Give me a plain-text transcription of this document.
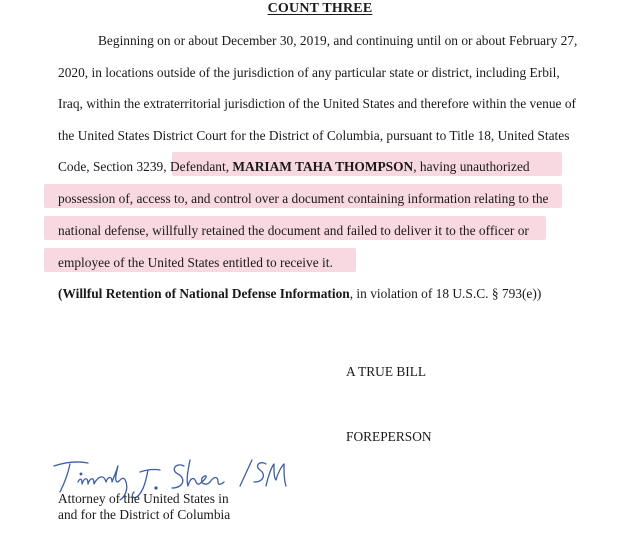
COUNT THREE
Beginning on or about December 30, 2019, and continuing until on or about February 27,
2020, in locations outside of the jurisdiction of any particular state or district, including Erbil,
Iraq, within the extraterritorial jurisdiction of the United States and therefore within the venue of
the United States District Court for the District of Columbia, pursuant to Title 18, United States
Code, Section 3239, Defendant, MARIAM TAHA THOMPSON, having unauthorized
possession of, access to, and control over a document containing information relating to the
national defense, willfully retained the document and failed to deliver it to the officer or
employee of the United States entitled to receive it.
(Willful Retention of National Defense Information, in violation of 18 U.S.C. § 793(e))
A TRUE BILL
FOREPERSON
Attorney of the United States in
and for the District of Columbia
